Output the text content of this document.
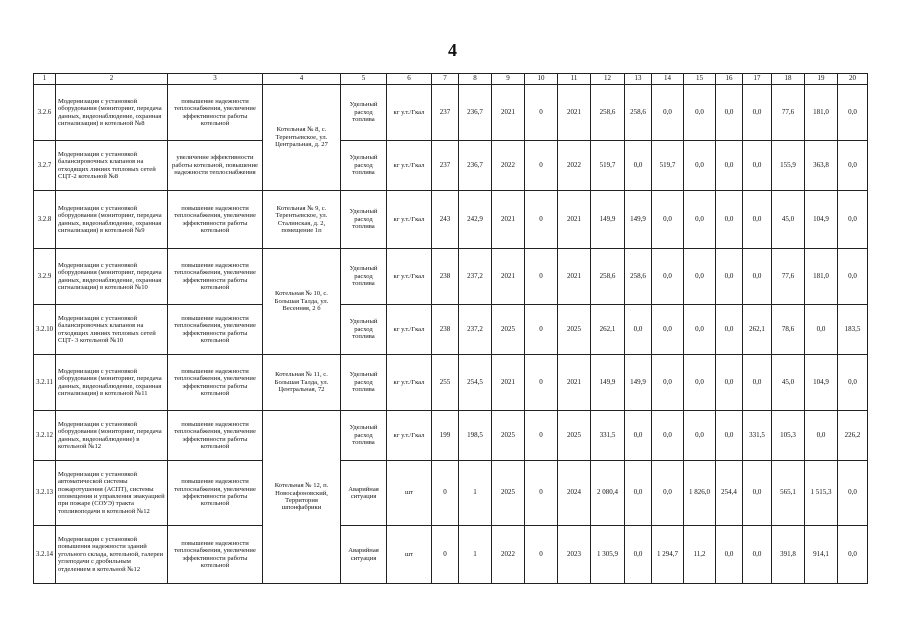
4
1	2	3	4	5	6	7	8	9	10	11	12	13	14	15	16	17	18	19	20
3.2.6	Модернизация с установкой оборудования (мониторинг, передача данных, видеонаблюдение, охранная сигнализация) в котельной №8	повышение надежности теплоснабжения, увеличение эффективности работы котельной	Котельная № 8, с. Терентьевское, ул. Центральная, д. 27	Удельный расход топлива	кг у.т./Гкал	237	236,7	2021	0	2021	258,6	258,6	0,0	0,0	0,0	0,0	77,6	181,0	0,0
3.2.7	Модернизация с установкой балансировочных клапанов на отходящих линиях тепловых сетей СЦТ-2 котельной №8	увеличение эффективности работы котельной, повышение надежности теплоснабжения		Удельный расход топлива	кг у.т./Гкал	237	236,7	2022	0	2022	519,7	0,0	519,7	0,0	0,0	0,0	155,9	363,8	0,0
3.2.8	Модернизация с установкой оборудования (мониторинг, передача данных, видеонаблюдение, охранная сигнализация) в котельной №9	повышение надежности теплоснабжения, увеличение эффективности работы котельной	Котельная № 9, с. Терентьевское, ул. Сталинская, д. 2, помещение 1п	Удельный расход топлива	кг у.т./Гкал	243	242,9	2021	0	2021	149,9	149,9	0,0	0,0	0,0	0,0	45,0	104,9	0,0
3.2.9	Модернизация с установкой оборудования (мониторинг, передача данных, видеонаблюдение, охранная сигнализация) в котельной №10	повышение надежности теплоснабжения, увеличение эффективности работы котельной	Котельная № 10, с. Большая Талда, ул. Весенняя, 2 б	Удельный расход топлива	кг у.т./Гкал	238	237,2	2021	0	2021	258,6	258,6	0,0	0,0	0,0	0,0	77,6	181,0	0,0
3.2.10	Модернизация с установкой балансировочных клапанов на отходящих линиях тепловых сетей СЦТ- 3 котельной №10	повышение надежности теплоснабжения, увеличение эффективности работы котельной		Удельный расход топлива	кг у.т./Гкал	238	237,2	2025	0	2025	262,1	0,0	0,0	0,0	0,0	262,1	78,6	0,0	183,5
3.2.11	Модернизация с установкой оборудования (мониторинг, передача данных, видеонаблюдение, охранная сигнализация) в котельной №11	повышение надежности теплоснабжения, увеличение эффективности работы котельной	Котельная № 11, с. Большая Талда, ул. Центральная, 72	Удельный расход топлива	кг у.т./Гкал	255	254,5	2021	0	2021	149,9	149,9	0,0	0,0	0,0	0,0	45,0	104,9	0,0
3.2.12	Модернизация с установкой оборудования (мониторинг, передача данных, видеонаблюдение) в котельной №12	повышение надежности теплоснабжения, увеличение эффективности работы котельной	Котельная № 12, п. Новосафоновский, Территория шпонфабрики	Удельный расход топлива	кг у.т./Гкал	199	198,5	2025	0	2025	331,5	0,0	0,0	0,0	0,0	331,5	105,3	0,0	226,2
3.2.13	Модернизация с установкой автоматической системы пожаротушения (АСПТ), системы оповещения и управления эвакуацией при пожаре (СОУЭ) тракта топливоподачи в котельной №12	повышение надежности теплоснабжения, увеличение эффективности работы котельной		Аварийная ситуация	шт	0	1	2025	0	2024	2 080,4	0,0	0,0	1 826,0	254,4	0,0	565,1	1 515,3	0,0
3.2.14	Модернизация с установкой повышения надежности зданий угольного склада, котельной, галереи углеподачи с дробильным отделением в котельной №12	повышение надежности теплоснабжения, увеличение эффективности работы котельной		Аварийная ситуация	шт	0	1	2022	0	2023	1 305,9	0,0	1 294,7	11,2	0,0	0,0	391,8	914,1	0,0
